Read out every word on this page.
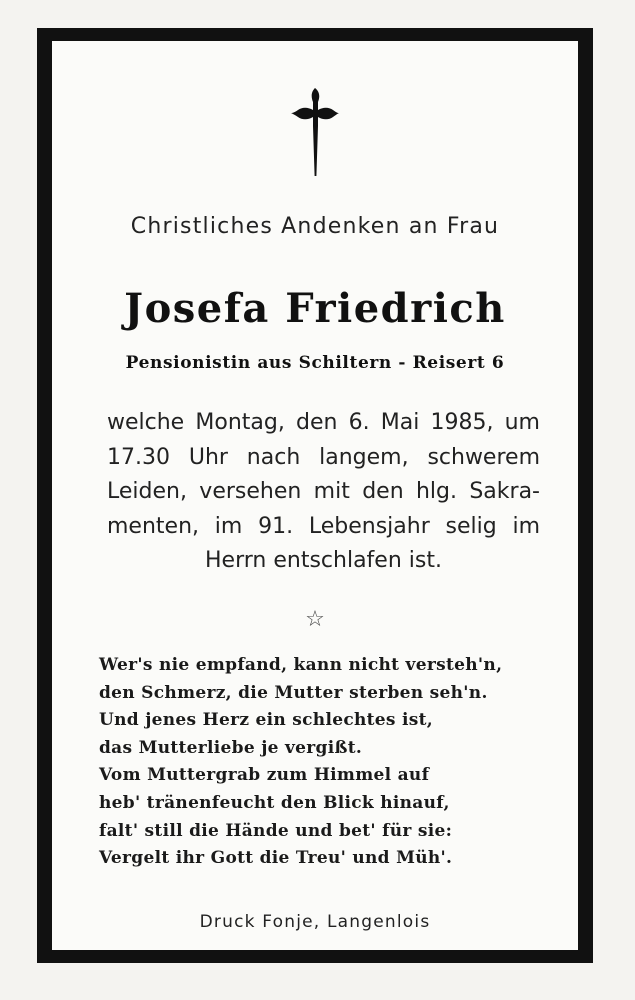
Christliches Andenken an Frau
Josefa Friedrich
Pensionistin aus Schiltern - Reisert 6
welche Montag, den 6. Mai 1985, um
17.30 Uhr nach langem, schwerem
Leiden, versehen mit den hlg. Sakra-
menten, im 91. Lebensjahr selig im
Herrn entschlafen ist.
☆
Wer's nie empfand, kann nicht versteh'n,
den Schmerz, die Mutter sterben seh'n.
Und jenes Herz ein schlechtes ist,
das Mutterliebe je vergißt.
Vom Muttergrab zum Himmel auf
heb' tränenfeucht den Blick hinauf,
falt' still die Hände und bet' für sie:
Vergelt ihr Gott die Treu' und Müh'.
Druck Fonje, Langenlois
